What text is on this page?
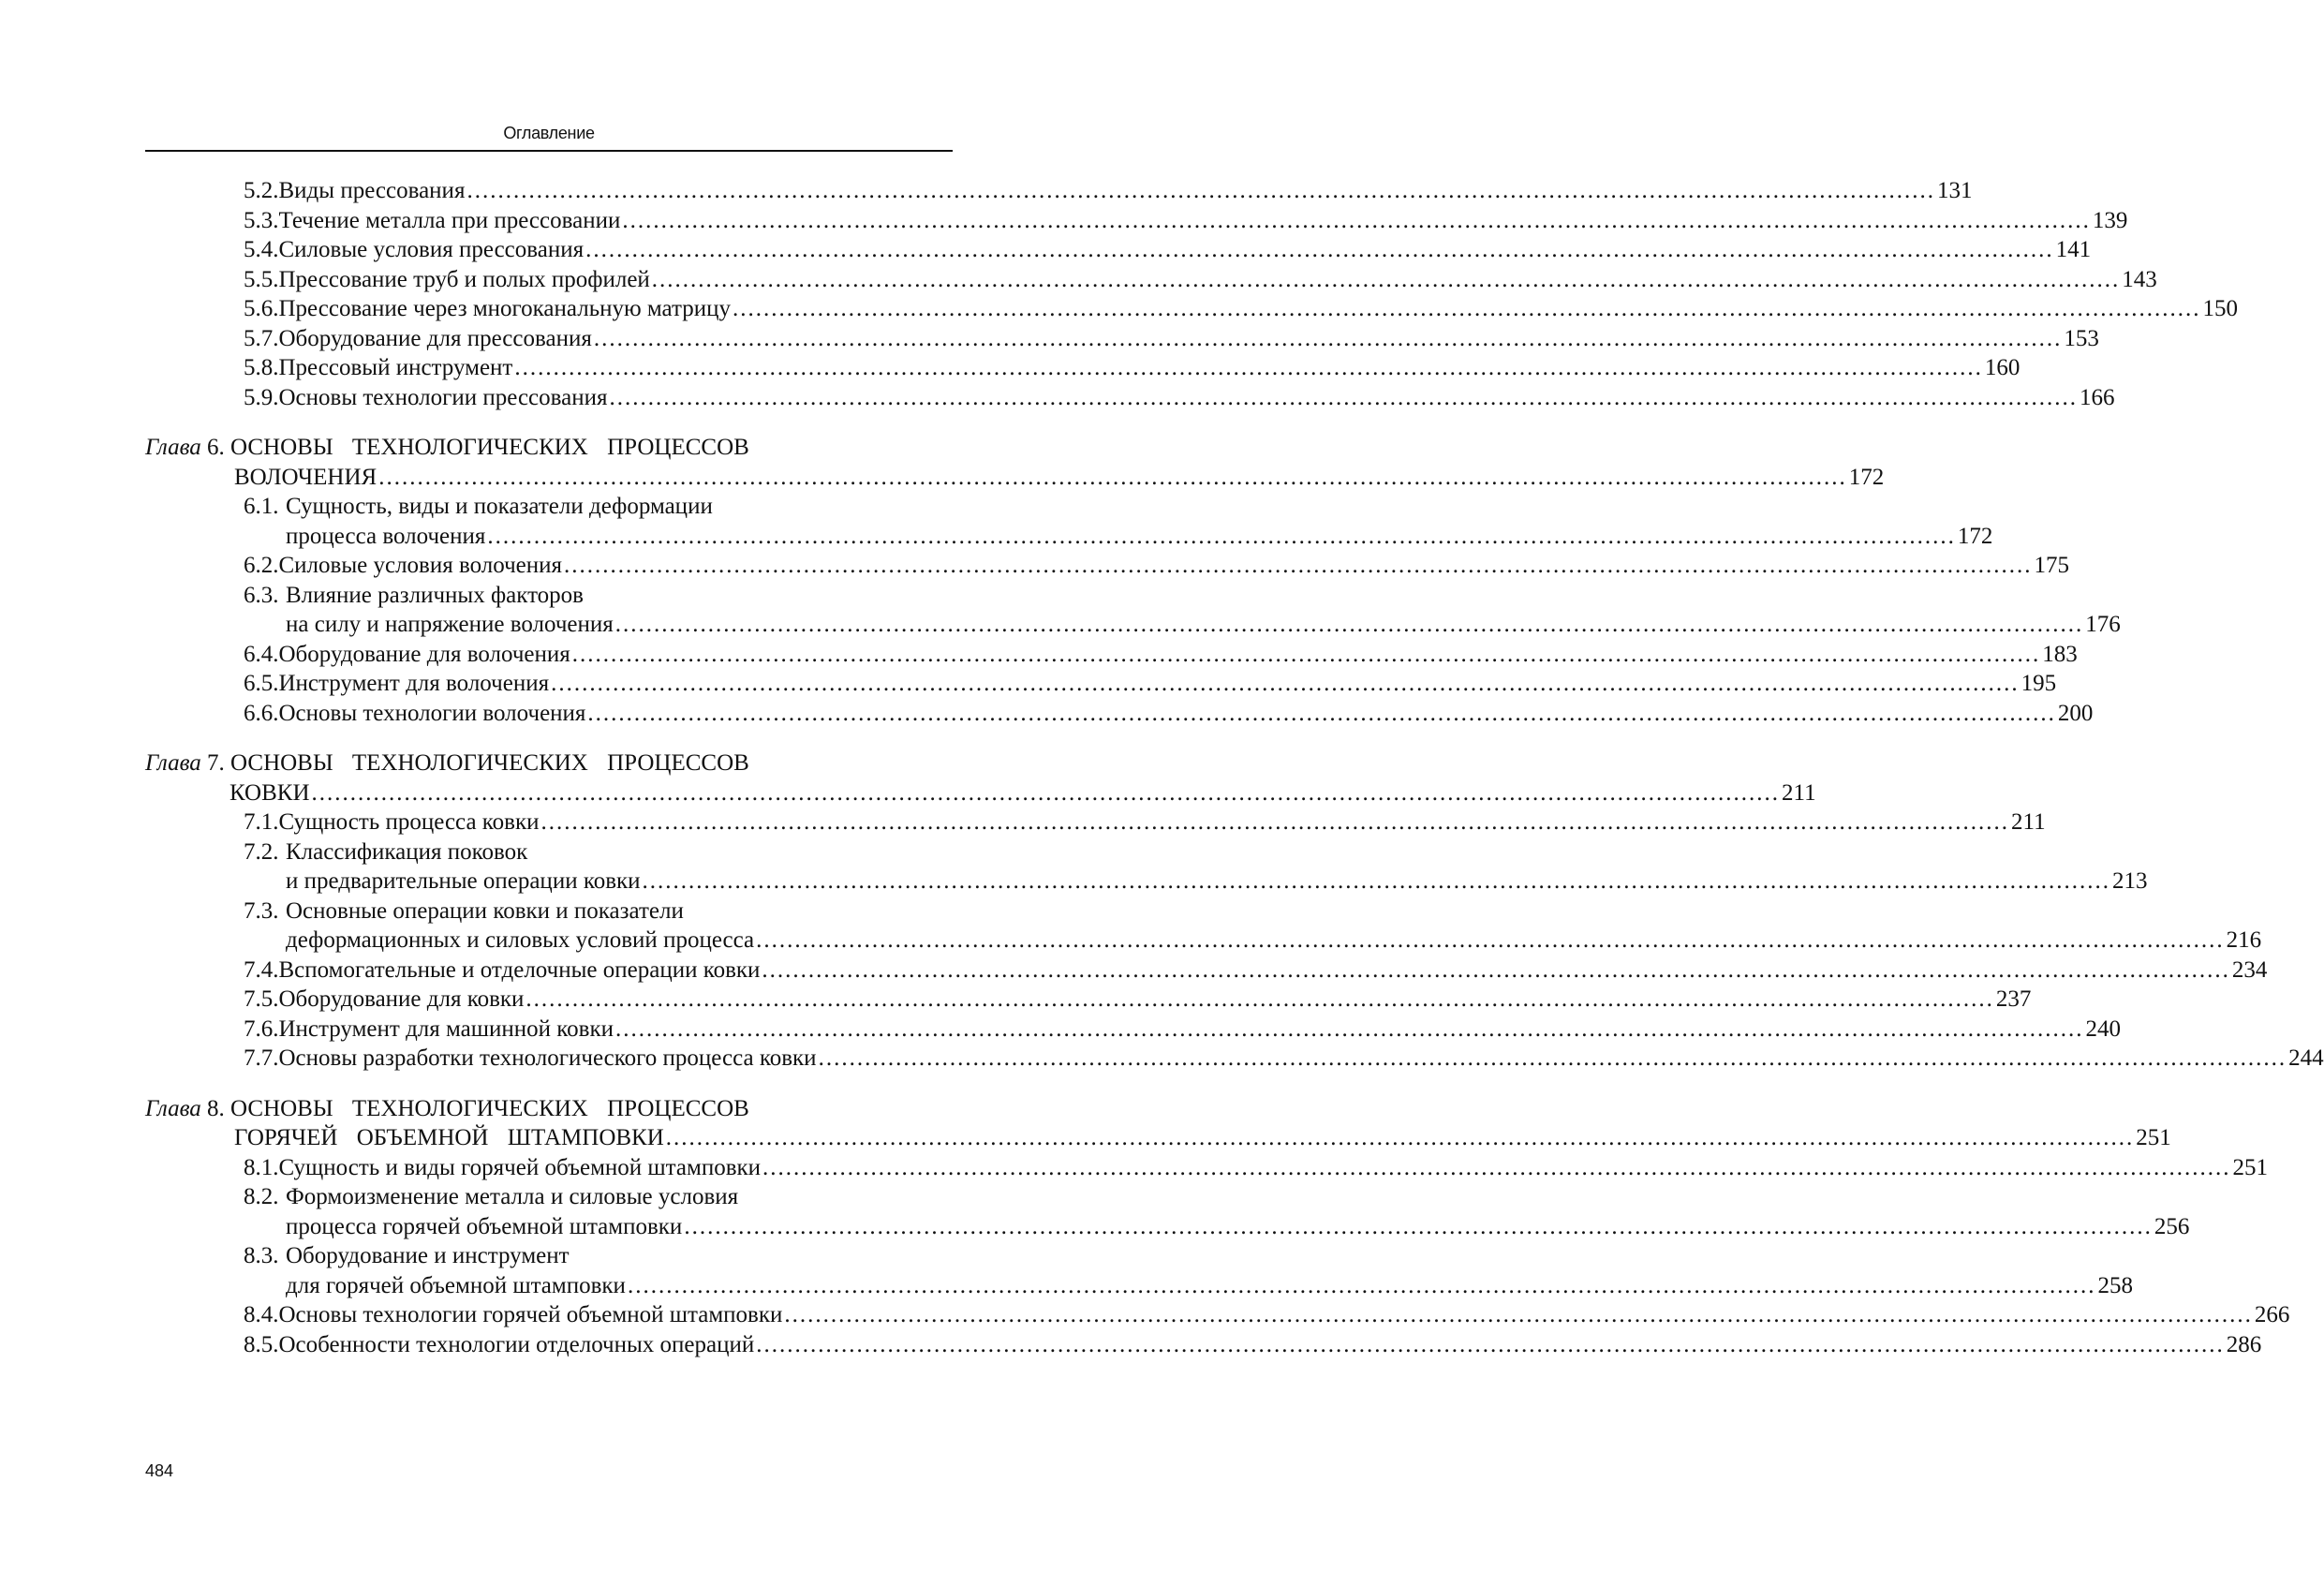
Оглавление
5.2. Виды прессования .............................................................................................................................................................................................. 131
5.3. Течение металла при прессовании .............................................................................................................................................................................................. 139
5.4. Силовые условия прессования .............................................................................................................................................................................................. 141
5.5. Прессование труб и полых профилей .............................................................................................................................................................................................. 143
5.6. Прессование через многоканальную матрицу .............................................................................................................................................................................................. 150
5.7. Оборудование для прессования .............................................................................................................................................................................................. 153
5.8. Прессовый инструмент .............................................................................................................................................................................................. 160
5.9. Основы технологии прессования .............................................................................................................................................................................................. 166
Глава
6.
ОСНОВЫ ТЕХНОЛОГИЧЕСКИХ ПРОЦЕССОВ
ВОЛОЧЕНИЯ .............................................................................................................................................................................................. 172
6.1. Сущность, виды и показатели деформации
процесса волочения .............................................................................................................................................................................................. 172
6.2. Силовые условия волочения .............................................................................................................................................................................................. 175
6.3. Влияние различных факторов
на силу и напряжение волочения .............................................................................................................................................................................................. 176
6.4. Оборудование для волочения .............................................................................................................................................................................................. 183
6.5. Инструмент для волочения .............................................................................................................................................................................................. 195
6.6. Основы технологии волочения .............................................................................................................................................................................................. 200
Глава
7.
ОСНОВЫ ТЕХНОЛОГИЧЕСКИХ ПРОЦЕССОВ
КОВКИ .............................................................................................................................................................................................. 211
7.1. Сущность процесса ковки .............................................................................................................................................................................................. 211
7.2. Классификация поковок
и предварительные операции ковки .............................................................................................................................................................................................. 213
7.3. Основные операции ковки и показатели
деформационных и силовых условий процесса .............................................................................................................................................................................................. 216
7.4. Вспомогательные и отделочные операции ковки .............................................................................................................................................................................................. 234
7.5. Оборудование для ковки .............................................................................................................................................................................................. 237
7.6. Инструмент для машинной ковки .............................................................................................................................................................................................. 240
7.7. Основы разработки технологического процесса ковки .............................................................................................................................................................................................. 244
Глава
8.
ОСНОВЫ ТЕХНОЛОГИЧЕСКИХ ПРОЦЕССОВ
ГОРЯЧЕЙ ОБЪЕМНОЙ ШТАМПОВКИ .............................................................................................................................................................................................. 251
8.1. Сущность и виды горячей объемной штамповки .............................................................................................................................................................................................. 251
8.2. Формоизменение металла и силовые условия
процесса горячей объемной штамповки .............................................................................................................................................................................................. 256
8.3. Оборудование и инструмент
для горячей объемной штамповки .............................................................................................................................................................................................. 258
8.4. Основы технологии горячей объемной штамповки .............................................................................................................................................................................................. 266
8.5. Особенности технологии отделочных операций .............................................................................................................................................................................................. 286
484
